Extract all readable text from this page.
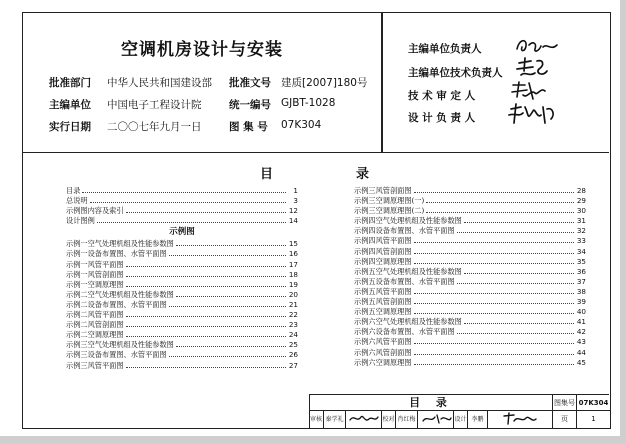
空调机房设计与安装
批准部门 中华人民共和国建设部 批准文号 建质[2007]180号
主编单位 中国电子工程设计院	统一编号 GJBT-1028
实行日期 二〇〇七年九月一日	图 集 号 07K304
主编单位负责人
主编单位技术负责人
技 术 审 定 人
设 计 负 责 人
目	录
目录	1
总说明	3
示例图内容及索引	12
设计图例	14
示例图
示例一空气处理机组及性能参数图	15
示例一设备布置图、水管平面图	16
示例一风管平面图	17
示例一风管剖面图	18
示例一空调原理图	19
示例二空气处理机组及性能参数图	20
示例二设备布置图、水管平面图	21
示例二风管平面图	22
示例二风管剖面图	23
示例二空调原理图	24
示例三空气处理机组及性能参数图	25
示例三设备布置图、水管平面图	26
示例三风管平面图	27
示例三风管剖面图	28
示例三空调原理图(一)	29
示例三空调原理图(二)	30
示例四空气处理机组及性能参数图	31
示例四设备布置图、水管平面图	32
示例四风管平面图	33
示例四风管剖面图	34
示例四空调原理图	35
示例五空气处理机组及性能参数图	36
示例五设备布置图、水管平面图	37
示例五风管平面图	38
示例五风管剖面图	39
示例五空调原理图	40
示例六空气处理机组及性能参数图	41
示例六设备布置图、水管平面图	42
示例六风管平面图	43
示例六风管剖面图	44
示例六空调原理图	45
目 录	图集号 07K304
审核 秦学礼	校对 肖红梅	设计 李鹏	页	1
